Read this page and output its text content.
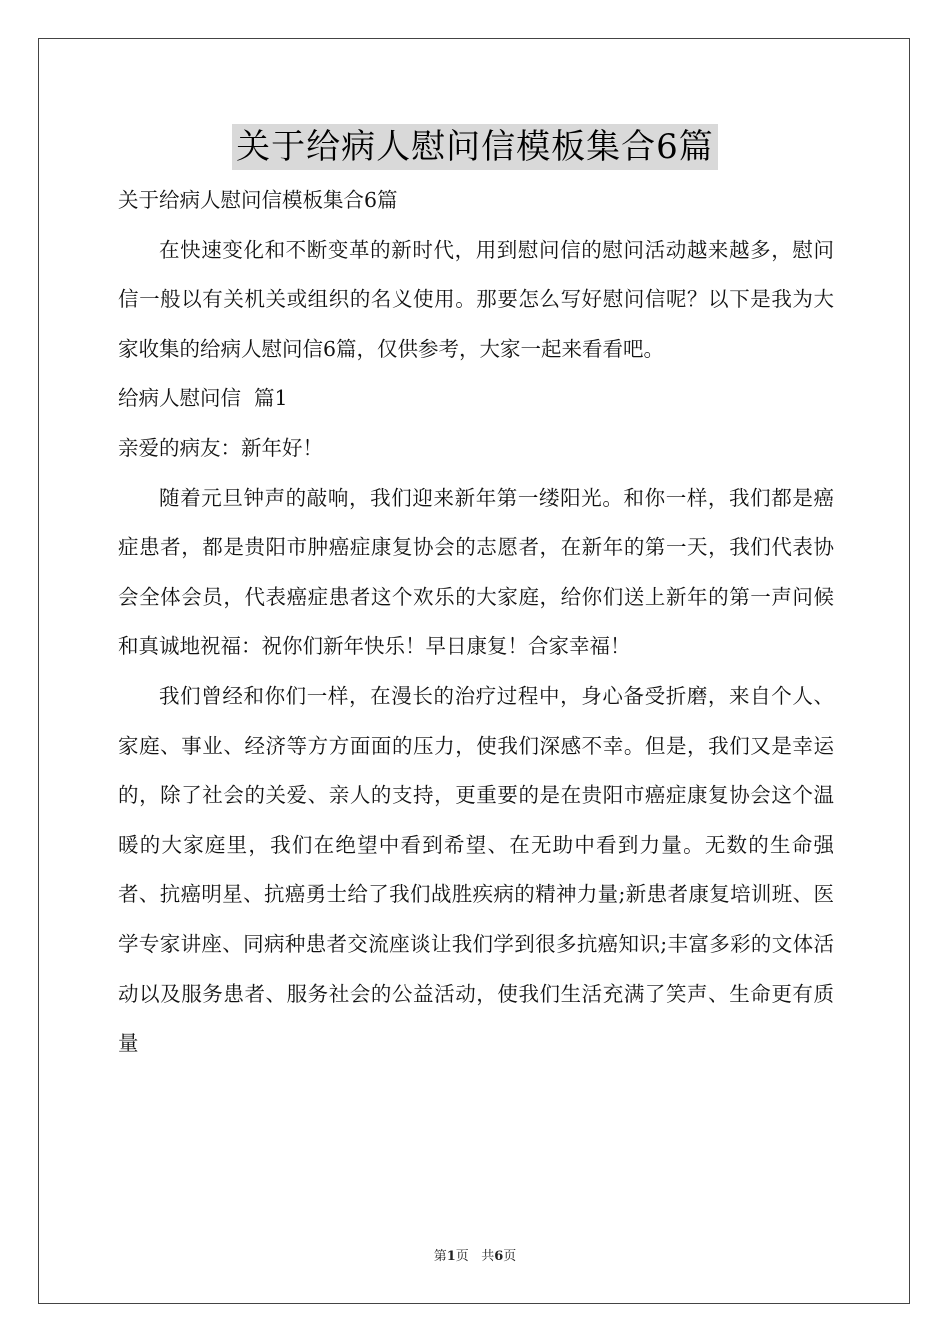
关于给病人慰问信模板集合6篇
关于给病人慰问信模板集合6篇
在快速变化和不断变革的新时代，用到慰问信的慰问活动越来越多，慰问信一般以有关机关或组织的名义使用。那要怎么写好慰问信呢？以下是我为大家收集的给病人慰问信6篇，仅供参考，大家一起来看看吧。
给病人慰问信  篇1
亲爱的病友：新年好！
随着元旦钟声的敲响，我们迎来新年第一缕阳光。和你一样，我们都是癌症患者，都是贵阳市肿癌症康复协会的志愿者，在新年的第一天，我们代表协会全体会员，代表癌症患者这个欢乐的大家庭，给你们送上新年的第一声问候和真诚地祝福：祝你们新年快乐！早日康复！合家幸福！
我们曾经和你们一样，在漫长的治疗过程中，身心备受折磨，来自个人、家庭、事业、经济等方方面面的压力，使我们深感不幸。但是，我们又是幸运的，除了社会的关爱、亲人的支持，更重要的是在贵阳市癌症康复协会这个温暖的大家庭里，我们在绝望中看到希望、在无助中看到力量。无数的生命强者、抗癌明星、抗癌勇士给了我们战胜疾病的精神力量;新患者康复培训班、医学专家讲座、同病种患者交流座谈让我们学到很多抗癌知识;丰富多彩的文体活动以及服务患者、服务社会的公益活动，使我们生活充满了笑声、生命更有质量
第1页   共6页
